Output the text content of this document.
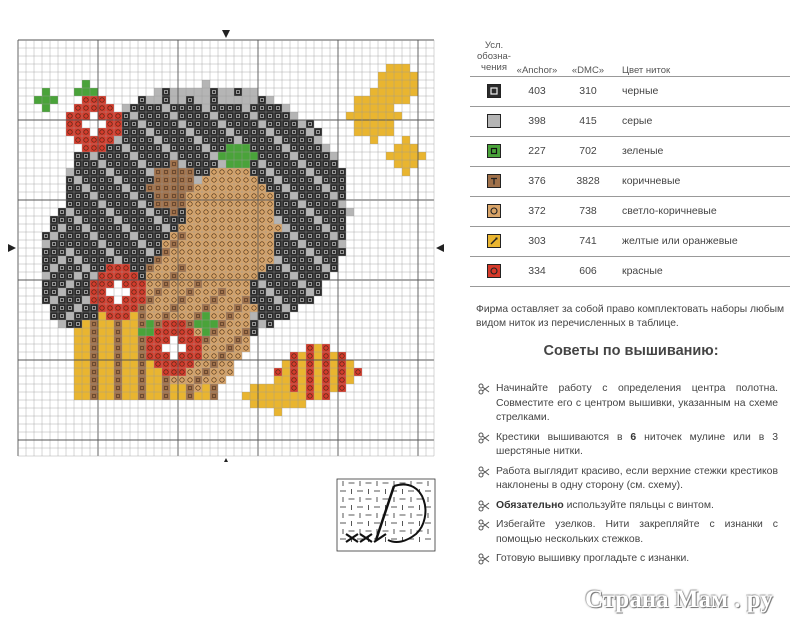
Усл. обозна- чения	«Anchor»	«DMC»	Цвет ниток
403	310	черные
398	415	серые
227	702	зеленые
376	3828	коричневые
372	738	светло-коричневые
303	741	желтые или оранжевые
334	606	красные
Фирма оставляет за собой право комплектовать наборы любым видом ниток из перечисленных в таблице.
Советы по вышиванию:
Начинайте работу с определения центра полотна. Совместите его с центром вышивки, указанным на схеме стрелками.
Крестики вышиваются в 6 ниточек мулине или в 3 шерстяные нитки.
Работа выглядит красиво, если верхние стежки крестиков наклонены в одну сторону (см. схему).
Обязательно используйте пяльцы с винтом.
Избегайте узелков. Нити закрепляйте с изнанки с помощью нескольких стежков.
Готовую вышивку прогладьте с изнанки.
Страна Мам . ру
